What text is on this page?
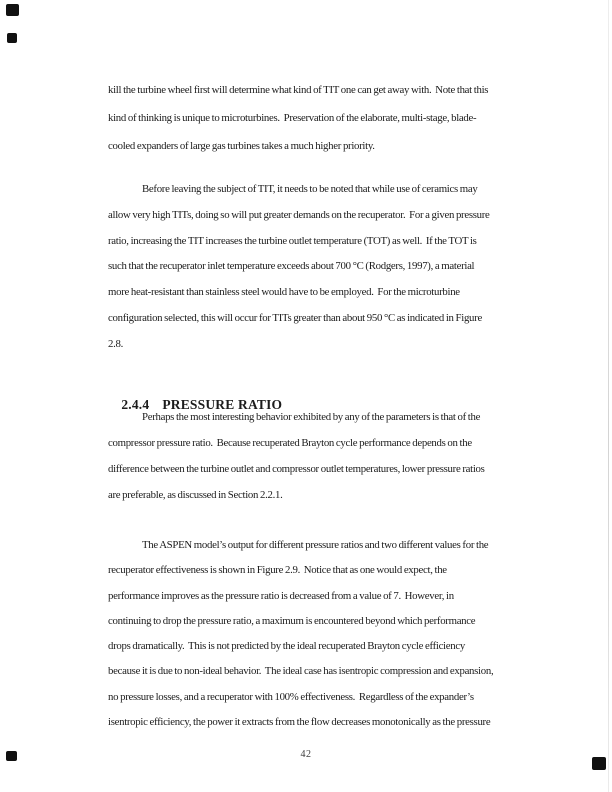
kill the turbine wheel first will determine what kind of TIT one can get away with.  Note that this
kind of thinking is unique to microturbines.  Preservation of the elaborate, multi-stage, blade-
cooled expanders of large gas turbines takes a much higher priority.
Before leaving the subject of TIT, it needs to be noted that while use of ceramics may
allow very high TITs, doing so will put greater demands on the recuperator.  For a given pressure
ratio, increasing the TIT increases the turbine outlet temperature (TOT) as well.  If the TOT is
such that the recuperator inlet temperature exceeds about 700 °C (Rodgers, 1997), a material
more heat-resistant than stainless steel would have to be employed.  For the microturbine
configuration selected, this will occur for TITs greater than about 950 °C as indicated in Figure
2.8.

2.4.4 PRESSURE RATIO

Perhaps the most interesting behavior exhibited by any of the parameters is that of the
compressor pressure ratio.  Because recuperated Brayton cycle performance depends on the
difference between the turbine outlet and compressor outlet temperatures, lower pressure ratios
are preferable, as discussed in Section 2.2.1.
The ASPEN model’s output for different pressure ratios and two different values for the
recuperator effectiveness is shown in Figure 2.9.  Notice that as one would expect, the
performance improves as the pressure ratio is decreased from a value of 7.  However, in
continuing to drop the pressure ratio, a maximum is encountered beyond which performance
drops dramatically.  This is not predicted by the ideal recuperated Brayton cycle efficiency
because it is due to non-ideal behavior.  The ideal case has isentropic compression and expansion,
no pressure losses, and a recuperator with 100% effectiveness.  Regardless of the expander’s
isentropic efficiency, the power it extracts from the flow decreases monotonically as the pressure
42
